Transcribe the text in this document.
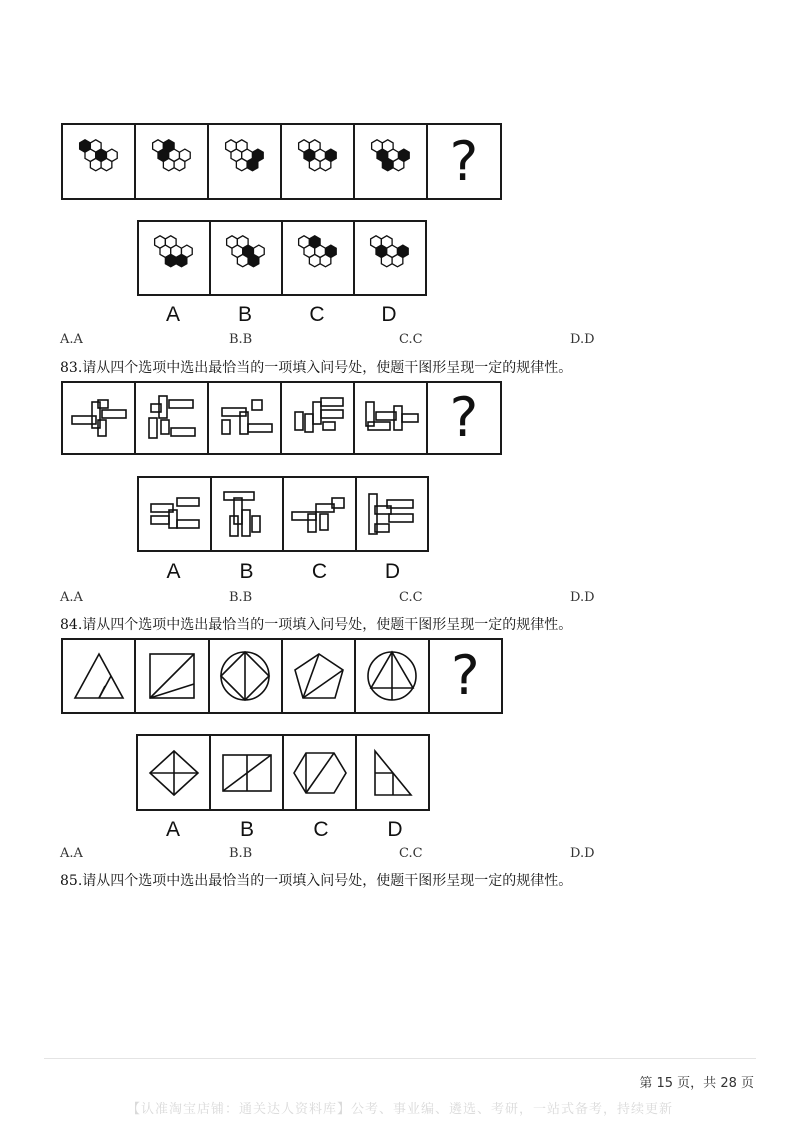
?
A	B	C	D
A.A	B.B	C.C	D.D
83.请从四个选项中选出最恰当的一项填入问号处，使题干图形呈现一定的规律性。
?
A	B	C	D
A.A	B.B	C.C	D.D
84.请从四个选项中选出最恰当的一项填入问号处，使题干图形呈现一定的规律性。
?
A	B	C	D
A.A	B.B	C.C	D.D
85.请从四个选项中选出最恰当的一项填入问号处，使题干图形呈现一定的规律性。
第 15 页，共 28 页
【认准淘宝店铺：通关达人资料库】公考、事业编、遴选、考研，一站式备考，持续更新
